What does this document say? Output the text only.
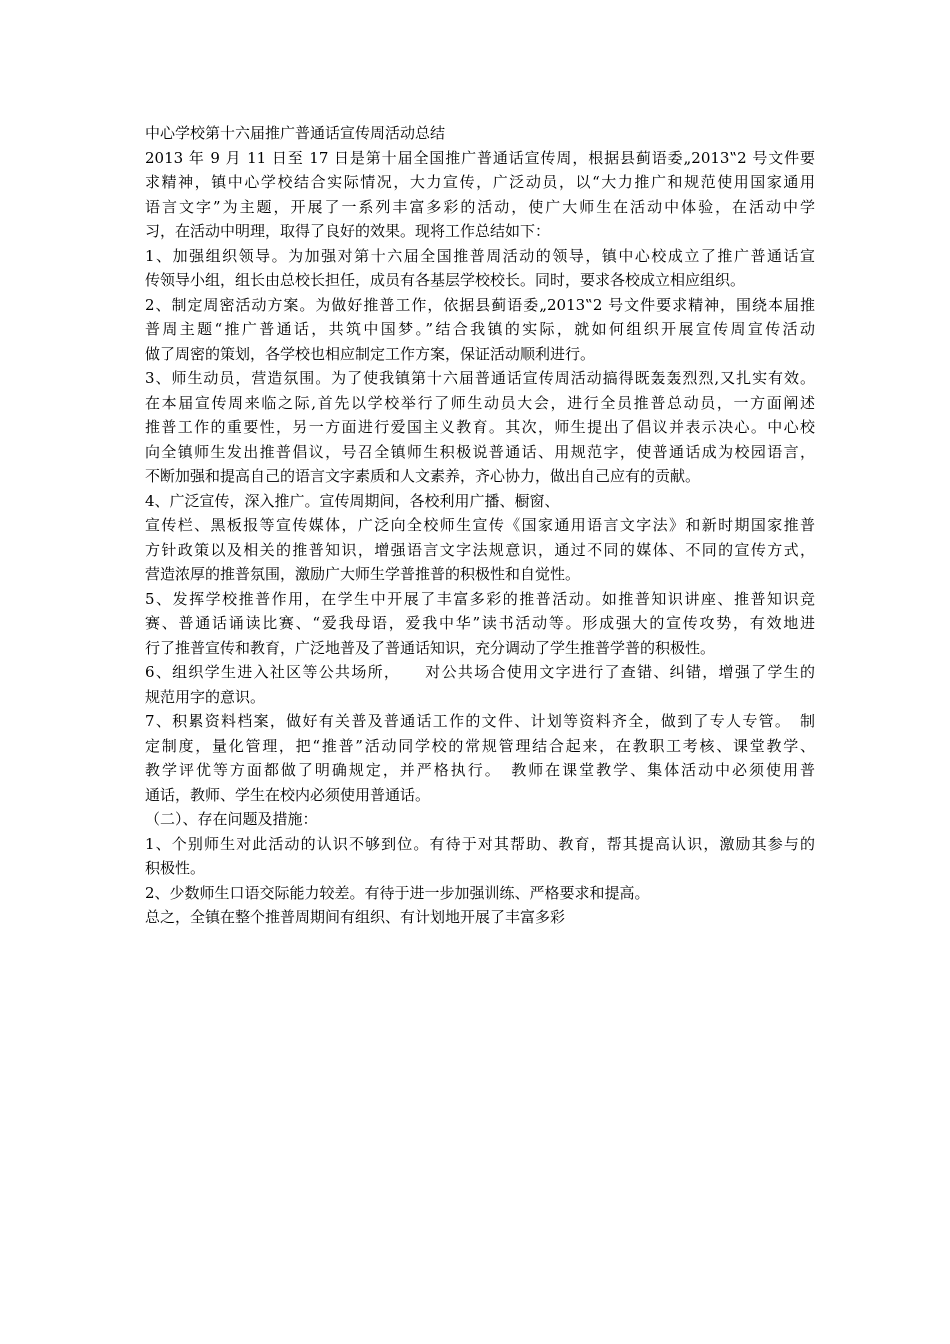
中心学校第十六届推广普通话宣传周活动总结
2013 年 9 月 11 日至 17 日是第十届全国推广普通话宣传周，根据县蓟语委„2013‟2 号文件要
求精神，镇中心学校结合实际情况，大力宣传，广泛动员，以“大力推广和规范使用国家通用
语言文字”为主题，开展了一系列丰富多彩的活动，使广大师生在活动中体验，在活动中学
习，在活动中明理，取得了良好的效果。现将工作总结如下：
1、加强组织领导。为加强对第十六届全国推普周活动的领导，镇中心校成立了推广普通话宣
传领导小组，组长由总校长担任，成员有各基层学校校长。同时，要求各校成立相应组织。
2、制定周密活动方案。为做好推普工作，依据县蓟语委„2013‟2 号文件要求精神，围绕本届推
普周主题“推广普通话，共筑中国梦。”结合我镇的实际，就如何组织开展宣传周宣传活动
做了周密的策划，各学校也相应制定工作方案，保证活动顺利进行。
3、师生动员，营造氛围。为了使我镇第十六届普通话宣传周活动搞得既轰轰烈烈,又扎实有效。
在本届宣传周来临之际,首先以学校举行了师生动员大会，进行全员推普总动员，一方面阐述
推普工作的重要性，另一方面进行爱国主义教育。其次，师生提出了倡议并表示决心。中心校
向全镇师生发出推普倡议，号召全镇师生积极说普通话、用规范字，使普通话成为校园语言，
不断加强和提高自己的语言文字素质和人文素养，齐心协力，做出自己应有的贡献。
4、广泛宣传，深入推广。宣传周期间，各校利用广播、橱窗、
宣传栏、黑板报等宣传媒体，广泛向全校师生宣传《国家通用语言文字法》和新时期国家推普
方针政策以及相关的推普知识，增强语言文字法规意识，通过不同的媒体、不同的宣传方式，
营造浓厚的推普氛围，激励广大师生学普推普的积极性和自觉性。
5、发挥学校推普作用，在学生中开展了丰富多彩的推普活动。如推普知识讲座、推普知识竞
赛、普通话诵读比赛、“爱我母语，爱我中华”读书活动等。形成强大的宣传攻势，有效地进
行了推普宣传和教育，广泛地普及了普通话知识，充分调动了学生推普学普的积极性。
6、组织学生进入社区等公共场所，　　对公共场合使用文字进行了查错、纠错，增强了学生的
规范用字的意识。
7、积累资料档案，做好有关普及普通话工作的文件、计划等资料齐全，做到了专人专管。　制
定制度，量化管理，把“推普”活动同学校的常规管理结合起来，在教职工考核、课堂教学、
教学评优等方面都做了明确规定，并严格执行。　教师在课堂教学、集体活动中必须使用普
通话，教师、学生在校内必须使用普通话。
（二）、存在问题及措施：
1、个别师生对此活动的认识不够到位。有待于对其帮助、教育，帮其提高认识，激励其参与的
积极性。
2、少数师生口语交际能力较差。有待于进一步加强训练、严格要求和提高。
总之，全镇在整个推普周期间有组织、有计划地开展了丰富多彩
